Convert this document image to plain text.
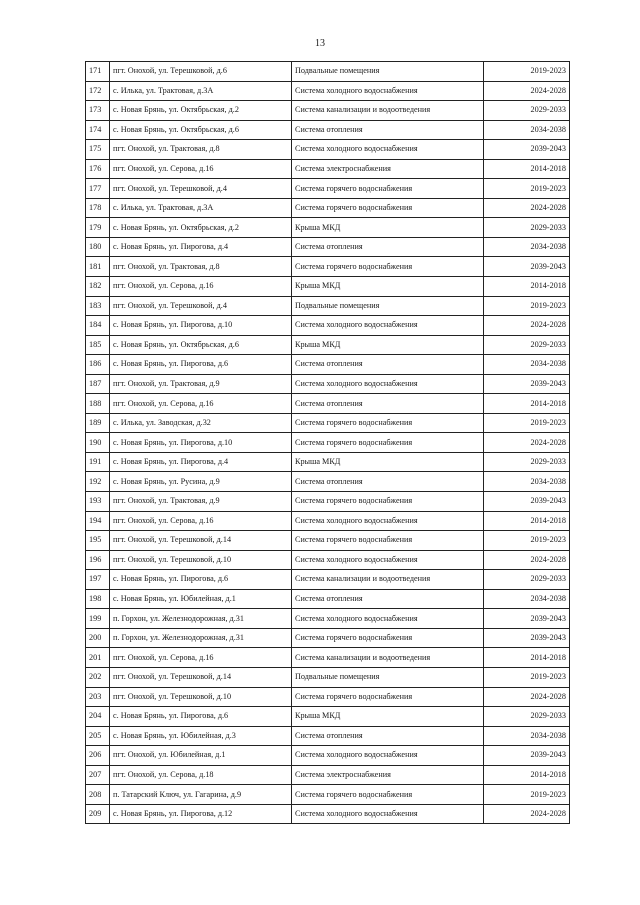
13
171	пгт. Онохой, ул. Терешковой, д.6	Подвальные помещения	2019-2023
172	с. Илька, ул. Трактовая, д.3А	Система холодного водоснабжения	2024-2028
173	с. Новая Брянь, ул. Октябрьская, д.2	Система канализации и водоотведения	2029-2033
174	с. Новая Брянь, ул. Октябрьская, д.6	Система отопления	2034-2038
175	пгт. Онохой, ул. Трактовая, д.8	Система холодного водоснабжения	2039-2043
176	пгт. Онохой, ул. Серова, д.16	Система электроснабжения	2014-2018
177	пгт. Онохой, ул. Терешковой, д.4	Система горячего водоснабжения	2019-2023
178	с. Илька, ул. Трактовая, д.3А	Система горячего водоснабжения	2024-2028
179	с. Новая Брянь, ул. Октябрьская, д.2	Крыша МКД	2029-2033
180	с. Новая Брянь, ул. Пирогова, д.4	Система отопления	2034-2038
181	пгт. Онохой, ул. Трактовая, д.8	Система горячего водоснабжения	2039-2043
182	пгт. Онохой, ул. Серова, д.16	Крыша МКД	2014-2018
183	пгт. Онохой, ул. Терешковой, д.4	Подвальные помещения	2019-2023
184	с. Новая Брянь, ул. Пирогова, д.10	Система холодного водоснабжения	2024-2028
185	с. Новая Брянь, ул. Октябрьская, д.6	Крыша МКД	2029-2033
186	с. Новая Брянь, ул. Пирогова, д.6	Система отопления	2034-2038
187	пгт. Онохой, ул. Трактовая, д.9	Система холодного водоснабжения	2039-2043
188	пгт. Онохой, ул. Серова, д.16	Система отопления	2014-2018
189	с. Илька, ул. Заводская, д.32	Система горячего водоснабжения	2019-2023
190	с. Новая Брянь, ул. Пирогова, д.10	Система горячего водоснабжения	2024-2028
191	с. Новая Брянь, ул. Пирогова, д.4	Крыша МКД	2029-2033
192	с. Новая Брянь, ул. Русина, д.9	Система отопления	2034-2038
193	пгт. Онохой, ул. Трактовая, д.9	Система горячего водоснабжения	2039-2043
194	пгт. Онохой, ул. Серова, д.16	Система холодного водоснабжения	2014-2018
195	пгт. Онохой, ул. Терешковой, д.14	Система горячего водоснабжения	2019-2023
196	пгт. Онохой, ул. Терешковой, д.10	Система холодного водоснабжения	2024-2028
197	с. Новая Брянь, ул. Пирогова, д.6	Система канализации и водоотведения	2029-2033
198	с. Новая Брянь, ул. Юбилейная, д.1	Система отопления	2034-2038
199	п. Горхон, ул. Железнодорожная, д.31	Система холодного водоснабжения	2039-2043
200	п. Горхон, ул. Железнодорожная, д.31	Система горячего водоснабжения	2039-2043
201	пгт. Онохой, ул. Серова, д.16	Система канализации и водоотведения	2014-2018
202	пгт. Онохой, ул. Терешковой, д.14	Подвальные помещения	2019-2023
203	пгт. Онохой, ул. Терешковой, д.10	Система горячего водоснабжения	2024-2028
204	с. Новая Брянь, ул. Пирогова, д.6	Крыша МКД	2029-2033
205	с. Новая Брянь, ул. Юбилейная, д.3	Система отопления	2034-2038
206	пгт. Онохой, ул. Юбилейная, д.1	Система холодного водоснабжения	2039-2043
207	пгт. Онохой, ул. Серова, д.18	Система электроснабжения	2014-2018
208	п. Татарский Ключ, ул. Гагарина, д.9	Система горячего водоснабжения	2019-2023
209	с. Новая Брянь, ул. Пирогова, д.12	Система холодного водоснабжения	2024-2028
